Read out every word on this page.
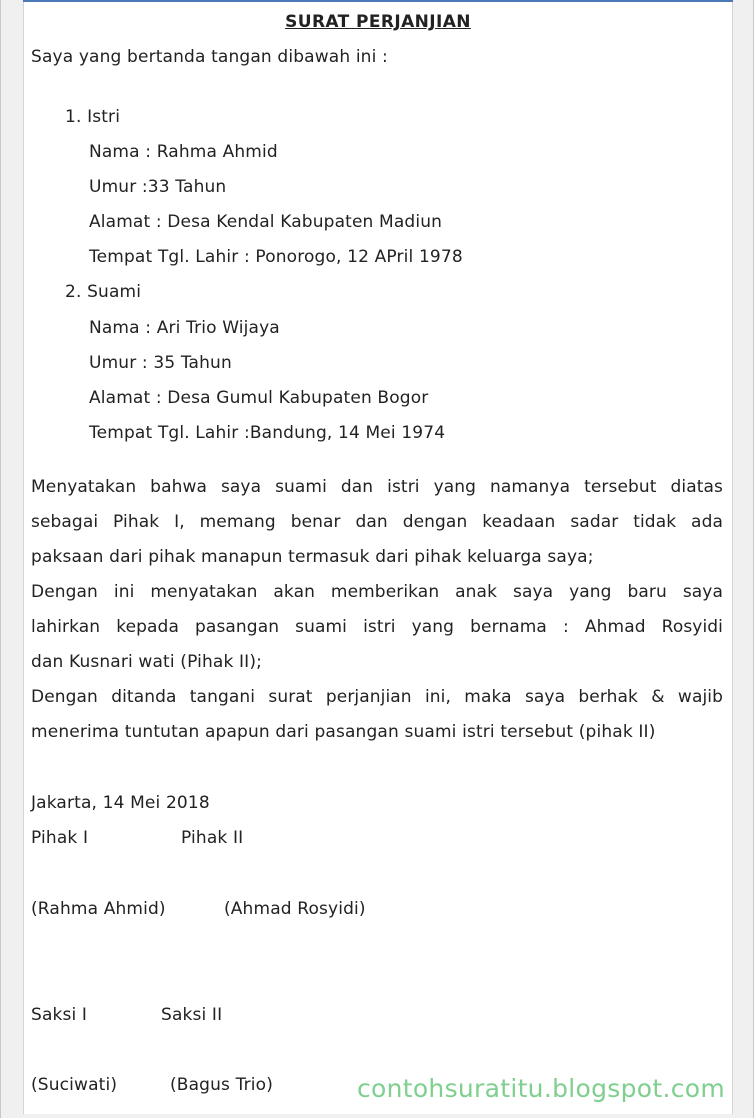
SURAT PERJANJIAN
Saya yang bertanda tangan dibawah ini :
1. Istri
Nama : Rahma Ahmid
Umur :33 Tahun
Alamat : Desa Kendal Kabupaten Madiun
Tempat Tgl. Lahir : Ponorogo, 12 APril 1978
2. Suami
Nama : Ari Trio Wijaya
Umur : 35 Tahun
Alamat : Desa Gumul Kabupaten Bogor
Tempat Tgl. Lahir :Bandung, 14 Mei 1974
Menyatakan bahwa saya suami dan istri yang namanya tersebut diatas
sebagai Pihak I, memang benar dan dengan keadaan sadar tidak ada
paksaan dari pihak manapun termasuk dari pihak keluarga saya;
Dengan ini menyatakan akan memberikan anak saya yang baru saya
lahirkan kepada pasangan suami istri yang bernama : Ahmad Rosyidi
dan Kusnari wati (Pihak II);
Dengan ditanda tangani surat perjanjian ini, maka saya berhak & wajib
menerima tuntutan apapun dari pasangan suami istri tersebut (pihak II)
Jakarta, 14 Mei 2018
Pihak I	Pihak II
(Rahma Ahmid)	(Ahmad Rosyidi)
Saksi I	Saksi II
(Suciwati)	(Bagus Trio)	contohsuratitu.blogspot.com
